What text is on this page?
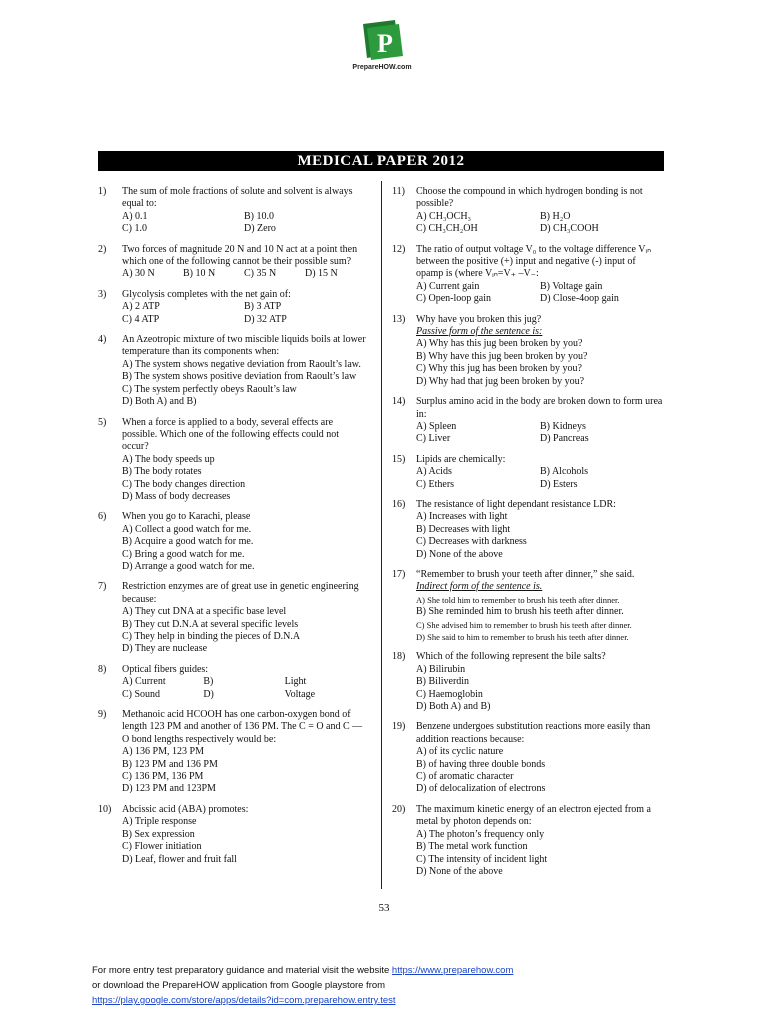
P
PrepareHOW.com
MEDICAL PAPER 2012
1)	The sum of mole fractions of solute and solvent is always equal to:
A) 0.1	B) 10.0
C) 1.0	D) Zero
2)	Two forces of magnitude 20 N and 10 N act at a point then which one of the following cannot be their possible sum?
A) 30 N	B) 10 N	C) 35 N	D) 15 N
3)	Glycolysis completes with the net gain of:
A) 2 ATP	B) 3 ATP
C) 4 ATP	D) 32 ATP
4)	An Azeotropic mixture of two miscible liquids boils at lower temperature than its components when:
A) The system shows negative deviation from Raoult’s law.
B) The system shows positive deviation from Raoult’s law
C) The system perfectly obeys Raoult’s law
D) Both A) and B)
5)	When a force is applied to a body, several effects are possible. Which one of the following effects could not occur?
A) The body speeds up
B) The body rotates
C) The body changes direction
D) Mass of body decreases
6)	When you go to Karachi, please
A) Collect a good watch for me.
B) Acquire a good watch for me.
C) Bring a good watch for me.
D) Arrange a good watch for me.
7)	Restriction enzymes are of great use in genetic engineering because:
A) They cut DNA at a specific base level
B) They cut D.N.A at several specific levels
C) They help in binding the pieces of D.N.A
D) They are nuclease
8)	Optical fibers guides:
A) Current	B)	Light
C) Sound	D)	Voltage
9)	Methanoic acid HCOOH has one carbon-oxygen bond of length 123 PM and another of 136 PM. The C = O and C — O bond lengths respectively would be:
A) 136 PM, 123 PM
B) 123 PM and 136 PM
C) 136 PM, 136 PM
D) 123 PM and 123PM
10)	Abcissic acid (ABA) promotes:
A) Triple response
B) Sex expression
C) Flower initiation
D) Leaf, flower and fruit fall
11)	Choose the compound in which hydrogen bonding is not possible?
A) CH₃OCH₃	B) H₂O
C) CH₃CH₂OH	D) CH₃COOH
12)	The ratio of output voltage V₀ to the voltage difference Vᵢₙ between the positive (+) input and negative (-) input of opamp is (where Vᵢₙ=V₊ –V₋:
A) Current gain	B) Voltage gain
C) Open-loop gain	D) Close-4oop gain
13)	Why have you broken this jug?
Passive form of the sentence is:
A) Why has this jug been broken by you?
B) Why have this jug been broken by you?
C) Why this jug has been broken by you?
D) Why had that jug been broken by you?
14)	Surplus amino acid in the body are broken down to form urea in:
A) Spleen	B) Kidneys
C) Liver	D) Pancreas
15)	Lipids are chemically:
A) Acids	B) Alcohols
C) Ethers	D) Esters
16)	The resistance of light dependant resistance LDR:
A) Increases with light
B) Decreases with light
C) Decreases with darkness
D) None of the above
17)	“Remember to brush your teeth after dinner,” she said.
Indirect form of the sentence is.
A) She told him to remember to brush his teeth after dinner.
B) She reminded him to brush his teeth after dinner.
C) She advised him to remember to brush his teeth after dinner.
D) She said to him to remember to brush his teeth after dinner.
18)	Which of the following represent the bile salts?
A) Bilirubin
B) Biliverdin
C) Haemoglobin
D) Both A) and B)
19)	Benzene undergoes substitution reactions more easily than addition reactions because:
A) of its cyclic nature
B) of having three double bonds
C) of aromatic character
D) of delocalization of electrons
20)	The maximum kinetic energy of an electron ejected from a metal by photon depends on:
A) The photon’s frequency only
B) The metal work function
C) The intensity of incident light
D) None of the above
53
For more entry test preparatory guidance and material visit the website https://www.preparehow.com
or download the PrepareHOW application from Google playstore from
https://play.google.com/store/apps/details?id=com.preparehow.entry.test
